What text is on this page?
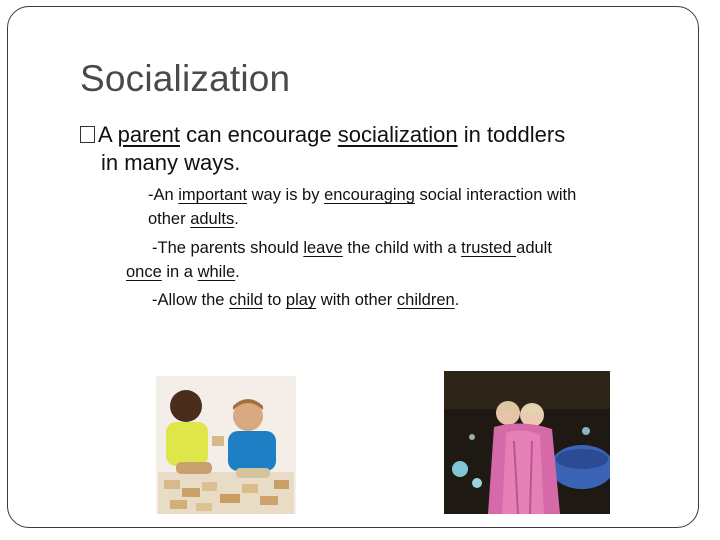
Socialization
A parent can encourage socialization in toddlers
in many ways.
-An important way is by encouraging social interaction with
other adults.
-The parents should leave the child with a trusted adult
once in a while.
-Allow the child to play with other children.
